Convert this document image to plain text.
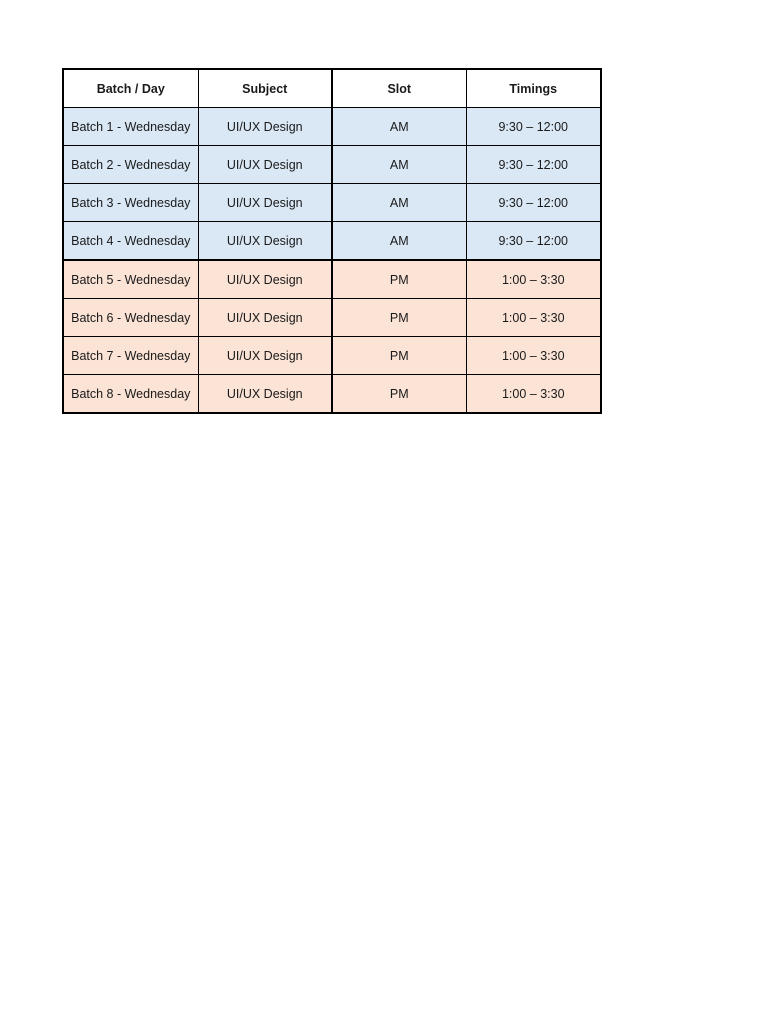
Batch / Day	Subject	Slot	Timings
Batch 1 - Wednesday	UI/UX Design	AM	9:30 – 12:00
Batch 2 - Wednesday	UI/UX Design	AM	9:30 – 12:00
Batch 3 - Wednesday	UI/UX Design	AM	9:30 – 12:00
Batch 4 - Wednesday	UI/UX Design	AM	9:30 – 12:00
Batch 5 - Wednesday	UI/UX Design	PM	1:00 – 3:30
Batch 6 - Wednesday	UI/UX Design	PM	1:00 – 3:30
Batch 7 - Wednesday	UI/UX Design	PM	1:00 – 3:30
Batch 8 - Wednesday	UI/UX Design	PM	1:00 – 3:30
